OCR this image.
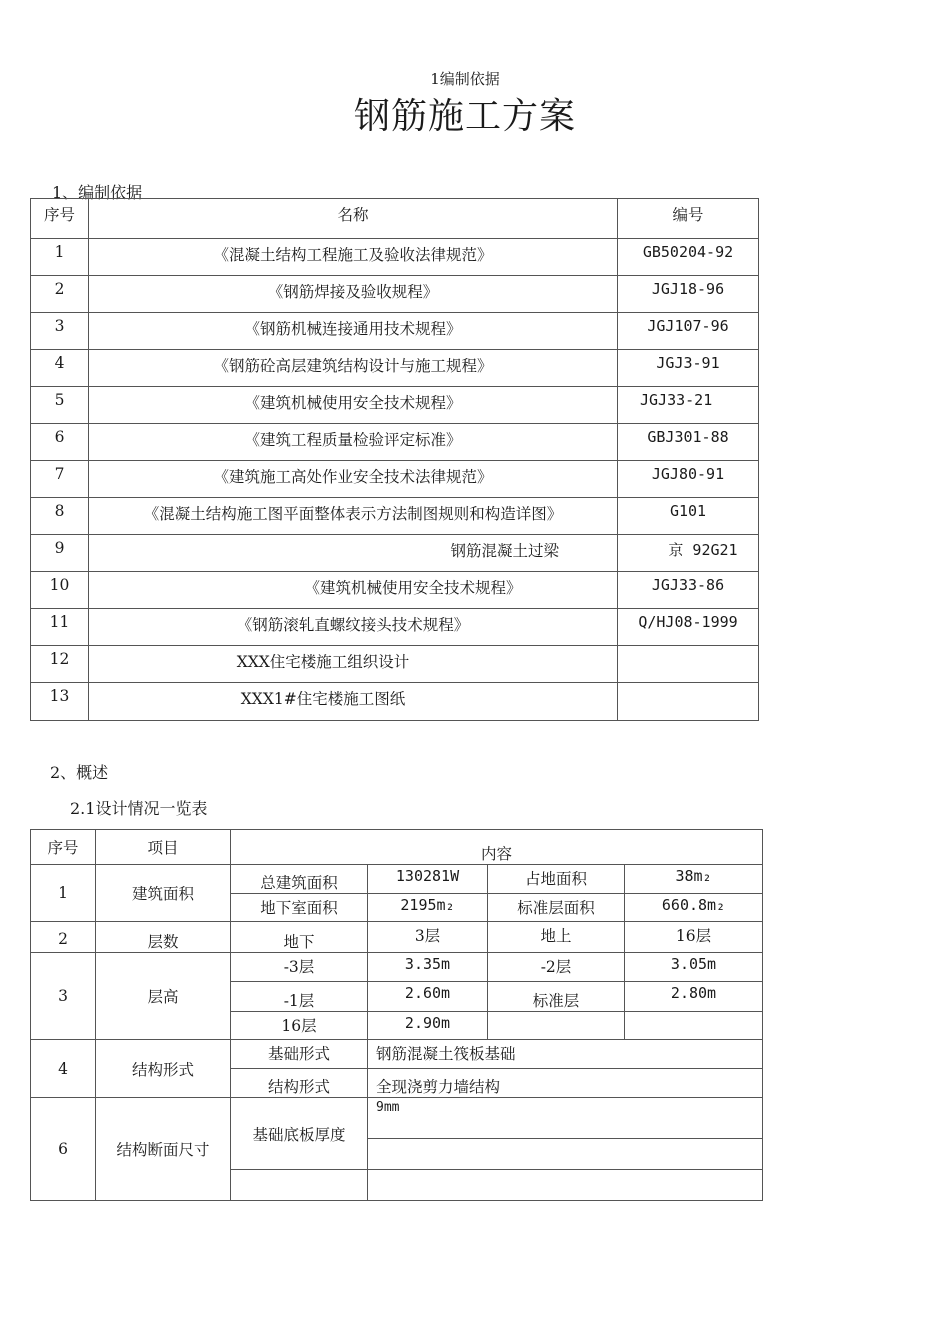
1编制依据
钢筋施工方案
1、编制依据
序号	名称	编号
1	《混凝土结构工程施工及验收法律规范》	GB50204-92
2	《钢筋焊接及验收规程》	JGJ18-96
3	《钢筋机械连接通用技术规程》	JGJ107-96
4	《钢筋砼高层建筑结构设计与施工规程》	JGJ3-91
5	《建筑机械使用安全技术规程》	JGJ33-21
6	《建筑工程质量检验评定标准》	GBJ301-88
7	《建筑施工高处作业安全技术法律规范》	JGJ80-91
8	《混凝土结构施工图平面整体表示方法制图规则和构造详图》	G101
9	钢筋混凝土过梁	京 92G21
10	《建筑机械使用安全技术规程》	JGJ33-86
11	《钢筋滚轧直螺纹接头技术规程》	Q/HJ08-1999
12	XXX住宅楼施工组织设计	
13	XXX1#住宅楼施工图纸	
2、概述
2.1设计情况一览表
序号	项目	内容			
1	建筑面积	总建筑面积	130281W	占地面积	38m₂
		地下室面积	2195m₂	标准层面积	660.8m₂
2	层数	地下	3层	地上	16层
3	层高	-3层	3.35m	-2层	3.05m
		-1层	2.60m	标准层	2.80m
		16层	2.90m		
4	结构形式	基础形式	钢筋混凝土筏板基础		
		结构形式	全现浇剪力墙结构		
6	结构断面尺寸	基础底板厚度	9mm		
